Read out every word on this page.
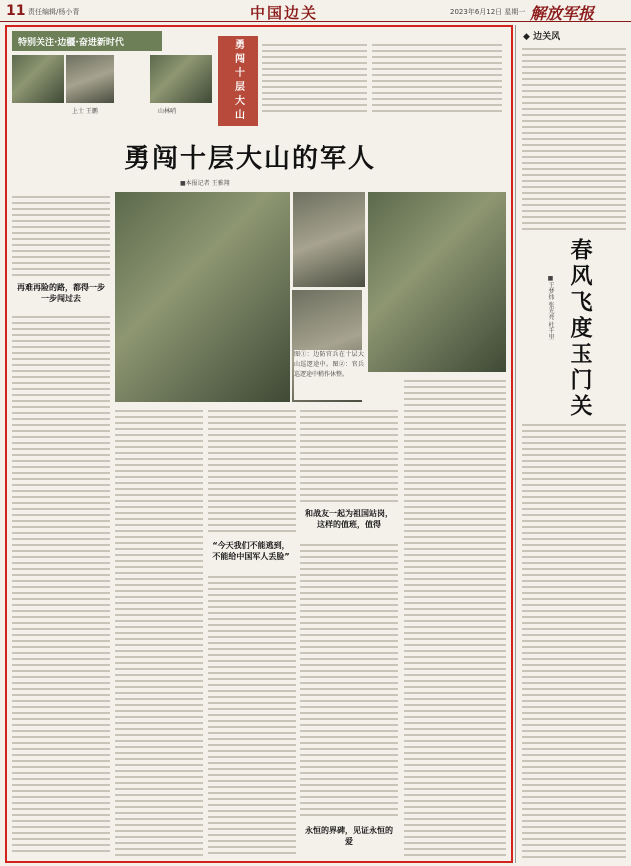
11 责任编辑/杨小青	中国边关	2023年6月12日 星期一 解放军报
特别关注·边疆·奋进新时代
上士 王鹏	山林哨	勇闯十层大山
勇闯十层大山的军人
■本报记者 王雅翔
再难再险的路，都得一步一步闯过去
图①：边防官兵在十层大山巡逻途中。图②：官兵巡逻途中稍作休整。
“今天我们不能逃到，不能给中国军人丢脸”
和战友一起为祖国站岗，这样的值班，值得
永恒的界碑，见证永恒的爱
◆ 边关风
春风飞度玉门关
■王梦炜 张光亮 杜千里
